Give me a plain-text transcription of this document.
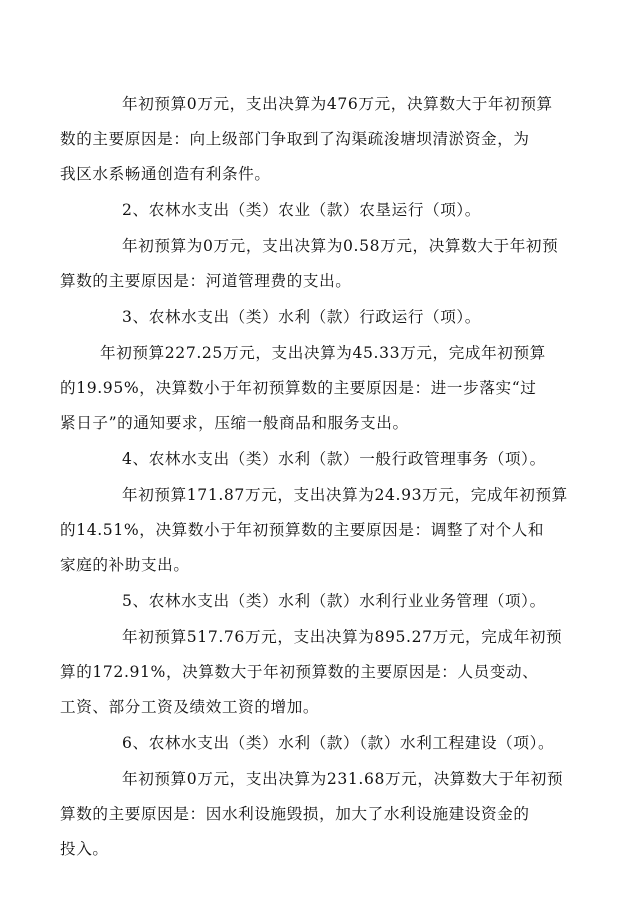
年初预算0万元，支出决算为476万元，决算数大于年初预算
数的主要原因是：向上级部门争取到了沟渠疏浚塘坝清淤资金，为
我区水系畅通创造有利条件。
2、农林水支出（类）农业（款）农垦运行（项）。
年初预算为0万元，支出决算为0.58万元，决算数大于年初预
算数的主要原因是：河道管理费的支出。
3、农林水支出（类）水利（款）行政运行（项）。
年初预算227.25万元，支出决算为45.33万元，完成年初预算
的19.95%，决算数小于年初预算数的主要原因是：进一步落实“过
紧日子”的通知要求，压缩一般商品和服务支出。
4、农林水支出（类）水利（款）一般行政管理事务（项）。
年初预算171.87万元，支出决算为24.93万元，完成年初预算
的14.51%，决算数小于年初预算数的主要原因是：调整了对个人和
家庭的补助支出。
5、农林水支出（类）水利（款）水利行业业务管理（项）。
年初预算517.76万元，支出决算为895.27万元，完成年初预
算的172.91%，决算数大于年初预算数的主要原因是：人员变动、
工资、部分工资及绩效工资的增加。
6、农林水支出（类）水利（款）（款）水利工程建设（项）。
年初预算0万元，支出决算为231.68万元，决算数大于年初预
算数的主要原因是：因水利设施毁损，加大了水利设施建设资金的
投入。
